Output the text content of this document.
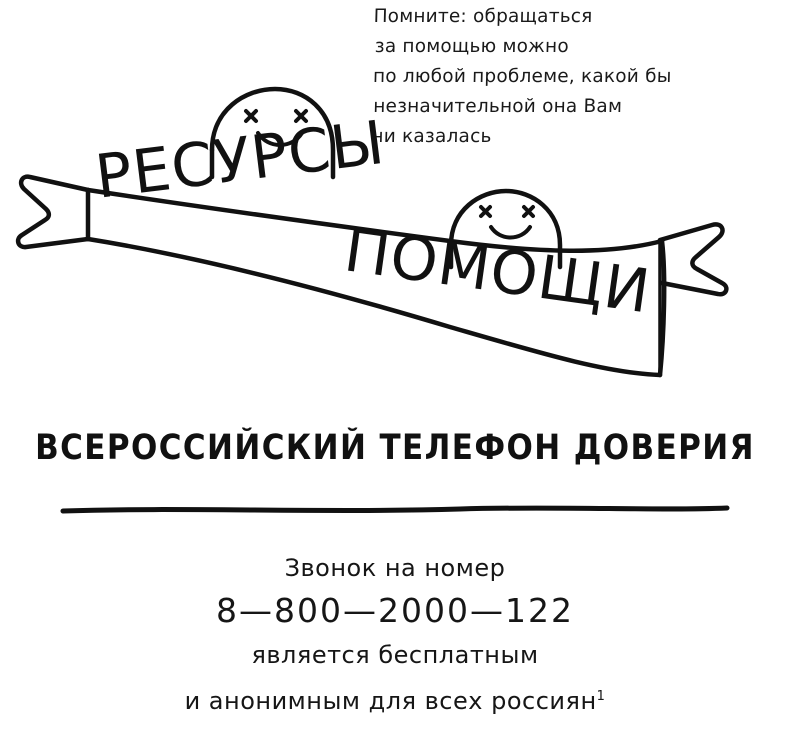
Помните: обращаться
за помощью можно
по любой проблеме, какой бы
незначительной она Вам
ни казалась
РЕСУРСЫ
ПОМОЩИ
ВСЕРОССИЙСКИЙ ТЕЛЕФОН ДОВЕРИЯ
Звонок на номер
8—800—2000—122
является бесплатным
и анонимным для всех россиян$^1$
